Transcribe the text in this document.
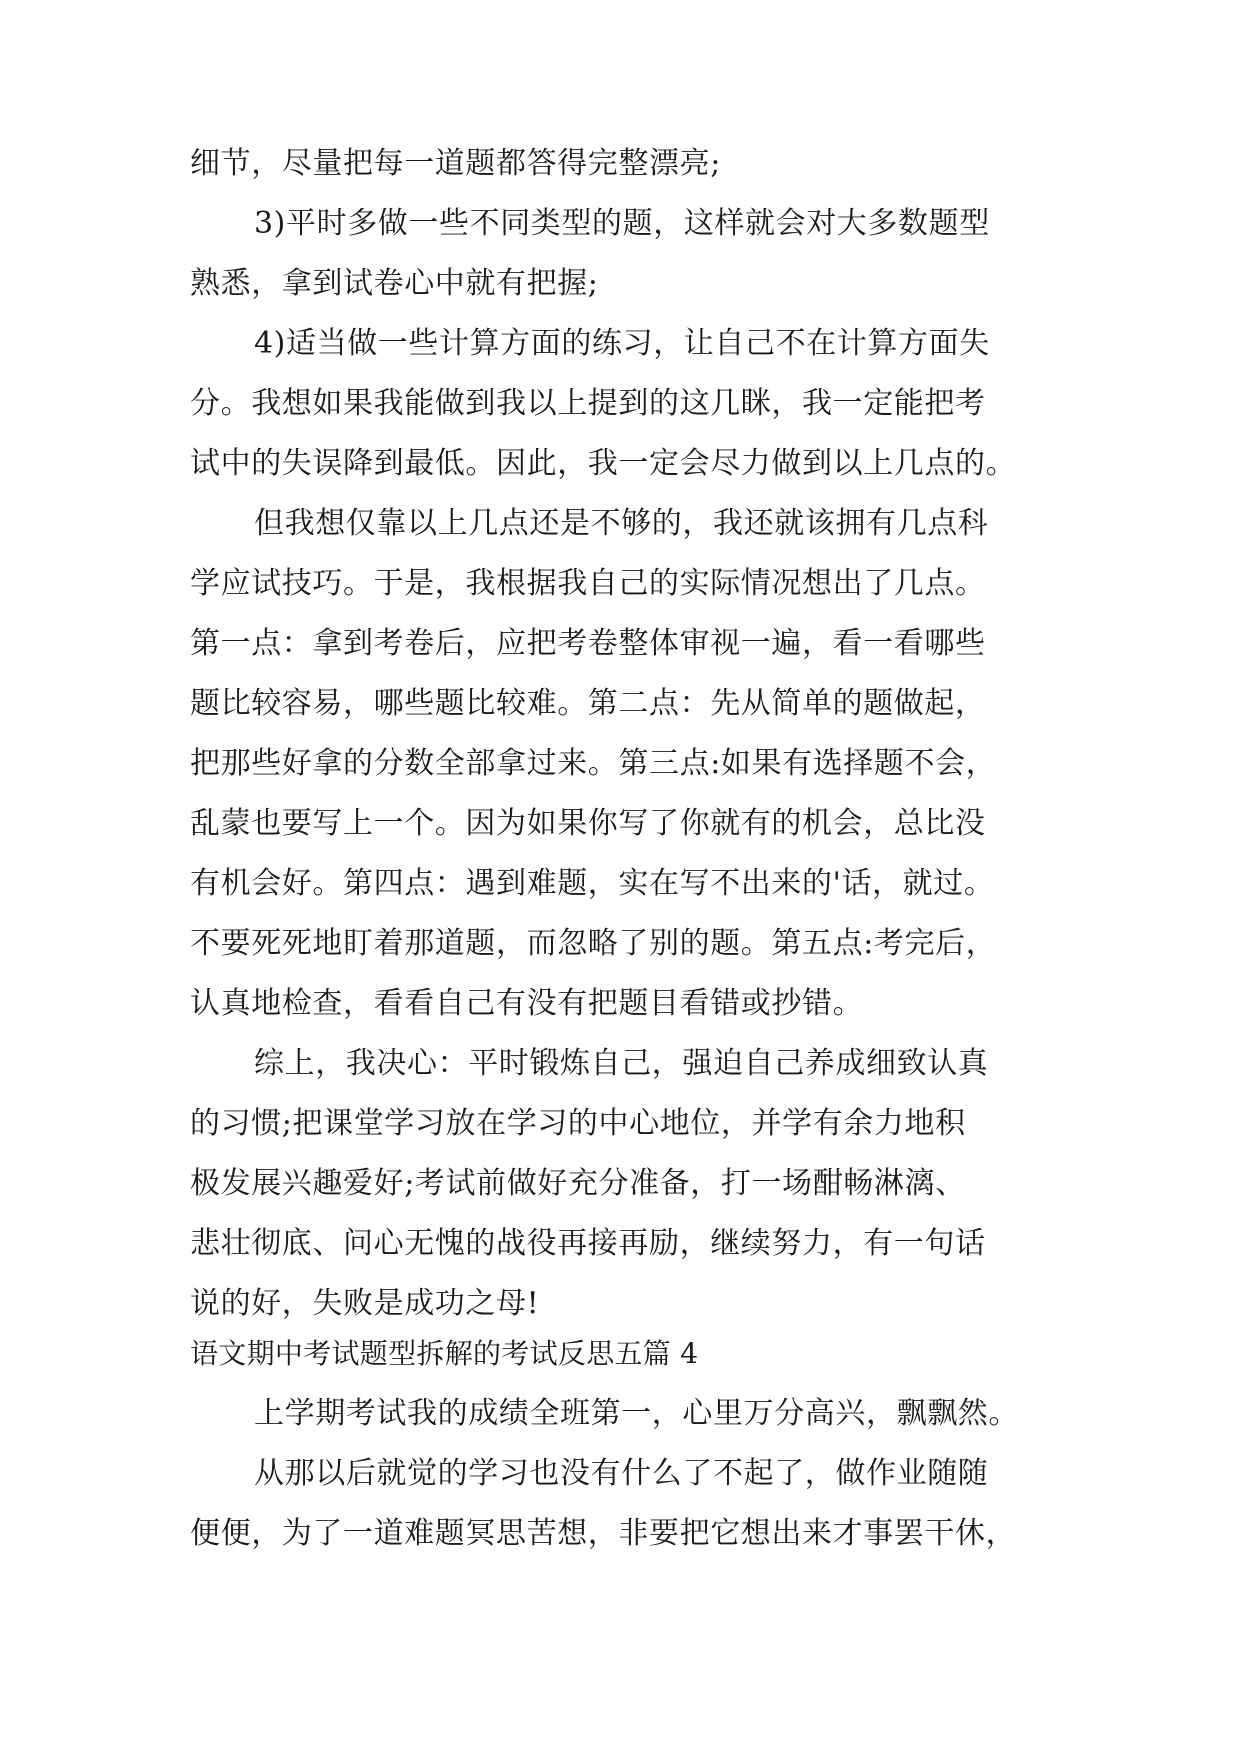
细节，尽量把每一道题都答得完整漂亮;
3)平时多做一些不同类型的题，这样就会对大多数题型
熟悉，拿到试卷心中就有把握;
4)适当做一些计算方面的练习，让自己不在计算方面失
分。我想如果我能做到我以上提到的这几眯，我一定能把考
试中的失误降到最低。因此，我一定会尽力做到以上几点的。
但我想仅靠以上几点还是不够的，我还就该拥有几点科
学应试技巧。于是，我根据我自己的实际情况想出了几点。
第一点：拿到考卷后，应把考卷整体审视一遍，看一看哪些
题比较容易，哪些题比较难。第二点：先从简单的题做起，
把那些好拿的分数全部拿过来。第三点:如果有选择题不会，
乱蒙也要写上一个。因为如果你写了你就有的机会，总比没
有机会好。第四点：遇到难题，实在写不出来的'话，就过。
不要死死地盯着那道题，而忽略了别的题。第五点:考完后，
认真地检查，看看自己有没有把题目看错或抄错。
综上，我决心：平时锻炼自己，强迫自己养成细致认真
的习惯;把课堂学习放在学习的中心地位，并学有余力地积
极发展兴趣爱好;考试前做好充分准备，打一场酣畅淋漓、
悲壮彻底、问心无愧的战役再接再励，继续努力，有一句话
说的好，失败是成功之母!
语文期中考试题型拆解的考试反思五篇 4
上学期考试我的成绩全班第一，心里万分高兴，飘飘然。
从那以后就觉的学习也没有什么了不起了，做作业随随
便便，为了一道难题冥思苦想，非要把它想出来才事罢干休，
